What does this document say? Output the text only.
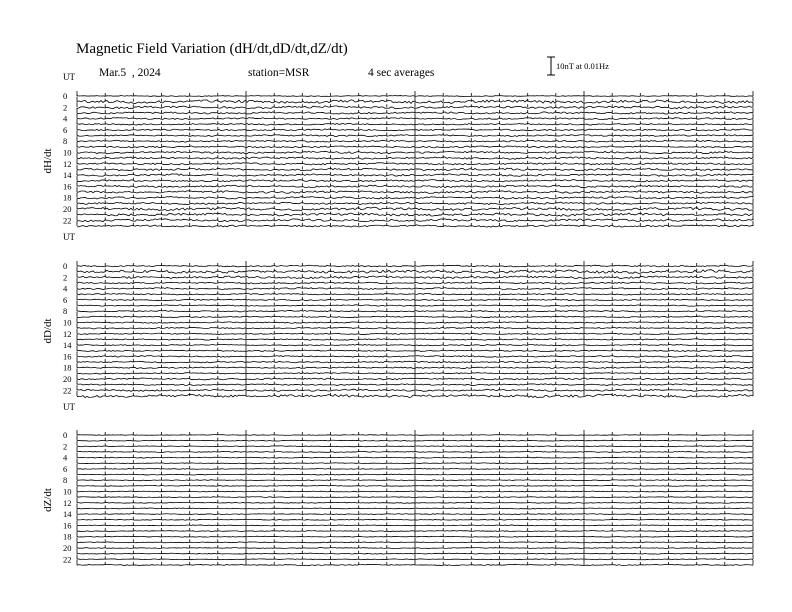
Magnetic Field Variation (dH/dt,dD/dt,dZ/dt)
Mar.5  , 2024	station=MSR	4 sec averages
10nT at 0.01Hz
UT
dH/dt
0
2
4
6
8
10
12
14
16
18
20
22
UT
dD/dt
0
2
4
6
8
10
12
14
16
18
20
22
UT
dZ/dt
0
2
4
6
8
10
12
14
16
18
20
22
